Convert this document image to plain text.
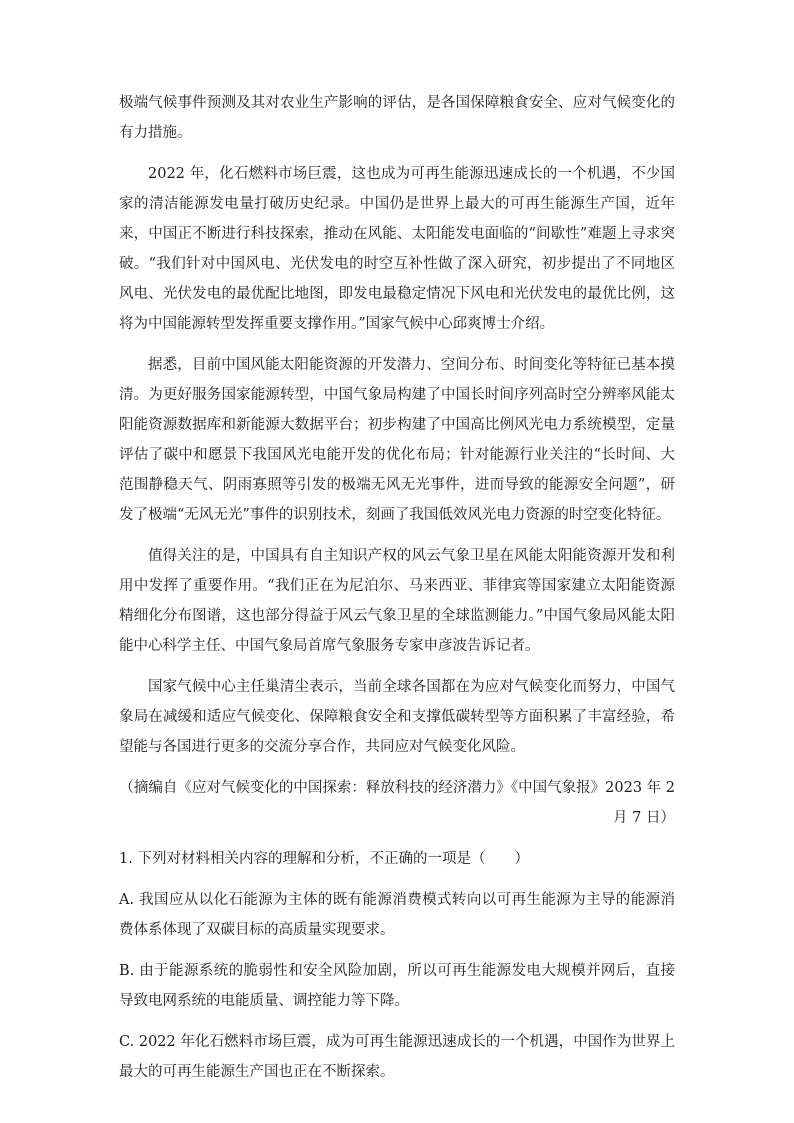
极端气候事件预测及其对农业生产影响的评估，是各国保障粮食安全、应对气候变化的有力措施。

2022 年，化石燃料市场巨震，这也成为可再生能源迅速成长的一个机遇，不少国家的清洁能源发电量打破历史纪录。中国仍是世界上最大的可再生能源生产国，近年来，中国正不断进行科技探索，推动在风能、太阳能发电面临的“间歇性”难题上寻求突破。“我们针对中国风电、光伏发电的时空互补性做了深入研究，初步提出了不同地区风电、光伏发电的最优配比地图，即发电最稳定情况下风电和光伏发电的最优比例，这将为中国能源转型发挥重要支撑作用。”国家气候中心邱爽博士介绍。

据悉，目前中国风能太阳能资源的开发潜力、空间分布、时间变化等特征已基本摸清。为更好服务国家能源转型，中国气象局构建了中国长时间序列高时空分辨率风能太阳能资源数据库和新能源大数据平台；初步构建了中国高比例风光电力系统模型，定量评估了碳中和愿景下我国风光电能开发的优化布局；针对能源行业关注的“长时间、大范围静稳天气、阴雨寡照等引发的极端无风无光事件，进而导致的能源安全问题”，研发了极端“无风无光”事件的识别技术，刻画了我国低效风光电力资源的时空变化特征。

值得关注的是，中国具有自主知识产权的风云气象卫星在风能太阳能资源开发和利用中发挥了重要作用。“我们正在为尼泊尔、马来西亚、菲律宾等国家建立太阳能资源精细化分布图谱，这也部分得益于风云气象卫星的全球监测能力。”中国气象局风能太阳能中心科学主任、中国气象局首席气象服务专家申彦波告诉记者。

国家气候中心主任巢清尘表示，当前全球各国都在为应对气候变化而努力，中国气象局在减缓和适应气候变化、保障粮食安全和支撑低碳转型等方面积累了丰富经验，希望能与各国进行更多的交流分享合作，共同应对气候变化风险。

（摘编自《应对气候变化的中国探索：释放科技的经济潜力》《中国气象报》2023 年 2 月 7 日）

1. 下列对材料相关内容的理解和分析，不正确的一项是（　　）

A. 我国应从以化石能源为主体的既有能源消费模式转向以可再生能源为主导的能源消费体系体现了双碳目标的高质量实现要求。

B. 由于能源系统的脆弱性和安全风险加剧，所以可再生能源发电大规模并网后，直接导致电网系统的电能质量、调控能力等下降。

C. 2022 年化石燃料市场巨震，成为可再生能源迅速成长的一个机遇，中国作为世界上最大的可再生能源生产国也正在不断探索。
